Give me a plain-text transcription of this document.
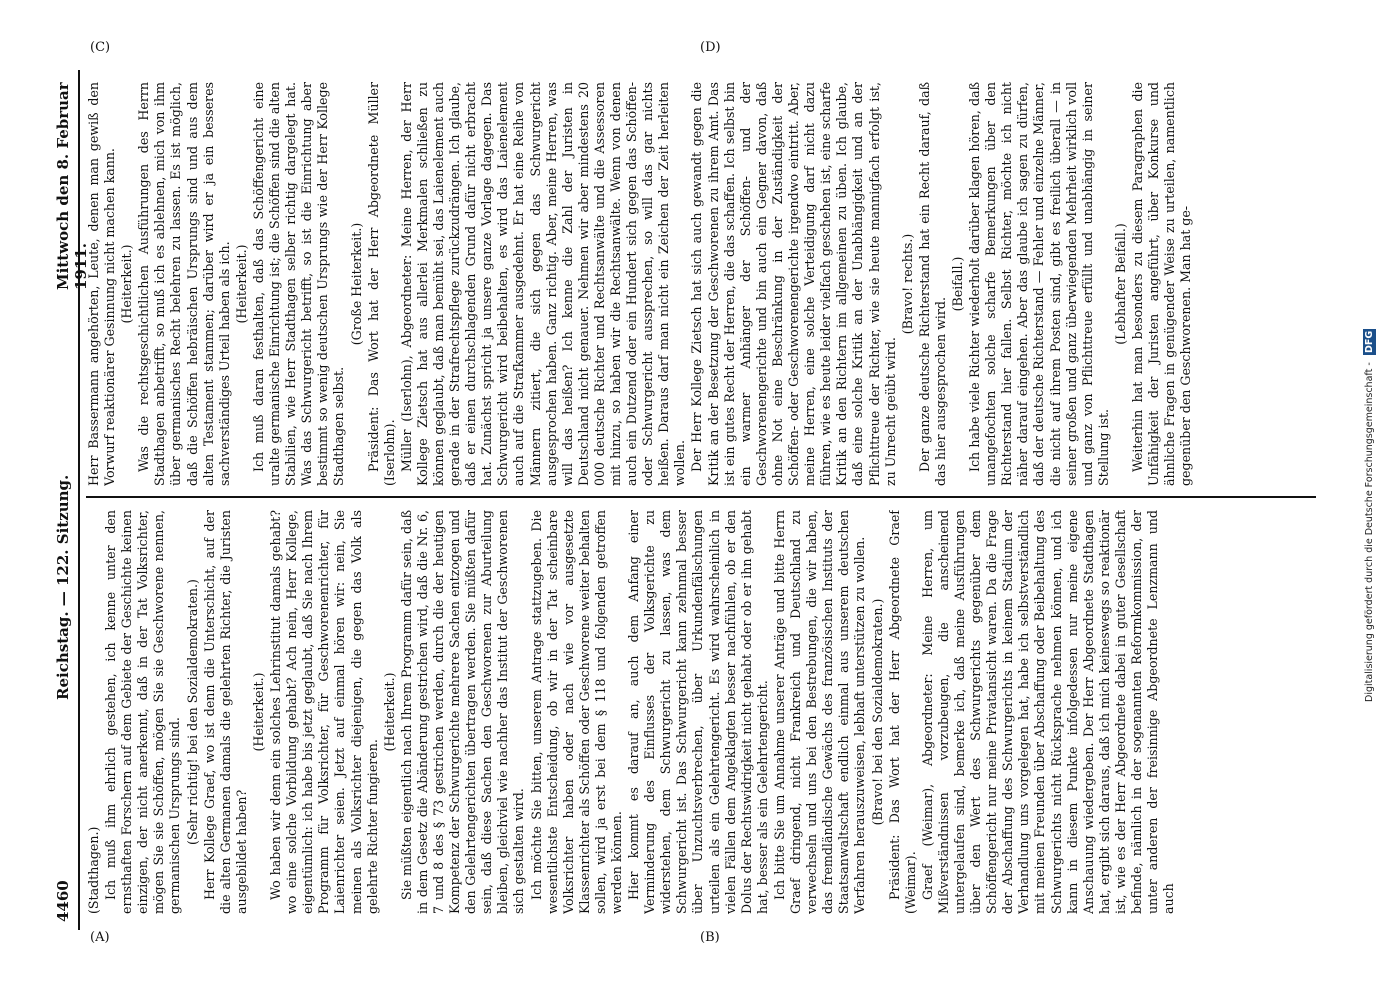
4460
Reichstag. — 122. Sitzung.
Mittwoch den 8. Februar 1911.

(Stadthagen.) Ich muß ihm ehrlich gestehen, ich kenne unter den ernsthaften Forschern auf dem Gebiete der Geschichte keinen einzigen, der nicht anerkennt, daß in der Tat Volksrichter, mögen Sie sie Schöffen, mögen Sie sie Geschworene nennen, germanischen Ursprungs sind. (Sehr richtig! bei den Sozialdemokraten.) Herr Kollege Graef, wo ist denn die Unterschicht, auf der die alten Germanen damals die gelehrten Richter, die Juristen ausgebildet haben?

(Heiterkeit.) Wo haben wir denn ein solches Lehrinstitut damals gehabt? wo eine solche Vorbildung gehabt? Ach nein, Herr Kollege, eigentümlich: ich habe bis jetzt geglaubt, daß Sie nach Ihrem Programm für Volksrichter, für Geschworenenrichter, für Laienrichter seien. Jetzt auf einmal hören wir: nein, Sie meinen als Volksrichter diejenigen, die gegen das Volk als gelehrte Richter fungieren.

(Heiterkeit.) Sie müßten eigentlich nach Ihrem Programm dafür sein, daß in dem Gesetz die Abänderung gestrichen wird, daß die Nr. 6, 7 und 8 des § 73 gestrichen werden, durch die der heutigen Kompetenz der Schwurgerichte mehrere Sachen entzogen und den Gelehrtengerichten übertragen werden. Sie müßten dafür sein, daß diese Sachen den Geschworenen zur Aburteilung bleiben, gleichviel wie nachher das Institut der Geschworenen sich gestalten wird. Ich möchte Sie bitten, unserem Antrage stattzugeben. Die wesentlichste Entscheidung, ob wir in der Tat scheinbare Volksrichter haben oder nach wie vor ausgesetzte Klassenrichter als Schöffen oder Geschworene weiter behalten sollen, wird ja erst bei dem § 118 und folgenden getroffen werden können. Hier kommt es darauf an, auch dem Anfang einer Verminderung des Einflusses der Volksgerichte zu widerstehen, dem Schwurgericht zu lassen, was dem Schwurgericht ist. Das Schwurgericht kann zehnmal besser über Unzuchtsverbrechen, über Urkundenfälschungen urteilen als ein Gelehrtengericht. Es wird wahrscheinlich in vielen Fällen dem Angeklagten besser nachfühlen, ob er den Dolus der Rechtswidrigkeit nicht gehabt oder ob er ihn gehabt hat, besser als ein Gelehrtengericht. Ich bitte Sie um Annahme unserer Anträge und bitte Herrn Graef dringend, nicht Frankreich und Deutschland zu verwechseln und uns bei den Bestrebungen, die wir haben, das fremdländische Gewächs des französischen Instituts der Staatsanwaltschaft endlich einmal aus unserem deutschen Verfahren herauszuweisen, lebhaft unterstützen zu wollen. (Bravo! bei den Sozialdemokraten.) Präsident: Das Wort hat der Herr Abgeordnete Graef (Weimar). Graef (Weimar), Abgeordneter: Meine Herren, um Mißverständnissen vorzubeugen, die anscheinend untergelaufen sind, bemerke ich, daß meine Ausführungen über den Wert des Schwurgerichts gegenüber dem Schöffengericht nur meine Privatansicht waren. Da die Frage der Abschaffung des Schwurgerichts in keinem Stadium der Verhandlung uns vorgelegen hat, habe ich selbstverständlich mit meinen Freunden über Abschaffung oder Beibehaltung des Schwurgerichts nicht Rücksprache nehmen können, und ich kann in diesem Punkte infolgedessen nur meine eigene Anschauung wiedergeben. Der Herr Abgeordnete Stadthagen hat, ergibt sich daraus, daß ich mich keineswegs so reaktionär ist, wie es der Herr Abgeordnete dabei in guter Gesellschaft befinde, nämlich in der sogenannten Reformkommission, der unter anderen der freisinnige Abgeordnete Lenzmann und auch

Herr Bassermann angehörten, Leute, denen man gewiß den Vorwurf reaktionärer Gesinnung nicht machen kann. (Heiterkeit.) Was die rechtsgeschichtlichen Ausführungen des Herrn Stadthagen anbetrifft, so muß ich es ablehnen, mich von ihm über germanisches Recht belehren zu lassen. Es ist möglich, daß die Schöffen hebräischen Ursprungs sind und aus dem alten Testament stammen; darüber wird er ja ein besseres sachverständiges Urteil haben als ich. (Heiterkeit.) Ich muß daran festhalten, daß das Schöffengericht eine uralte germanische Einrichtung ist; die Schöffen sind die alten Stabilien, wie Herr Stadthagen selber richtig dargelegt hat. Was das Schwurgericht betrifft, so ist die Einrichtung aber bestimmt so wenig deutschen Ursprungs wie der Herr Kollege Stadthagen selbst.

(Große Heiterkeit.) Präsident: Das Wort hat der Herr Abgeordnete Müller (Iserlohn). Müller (Iserlohn), Abgeordneter: Meine Herren, der Herr Kollege Zietsch hat aus allerlei Merkmalen schließen zu können geglaubt, daß man bemüht sei, das Laienelement auch gerade in der Strafrechtspflege zurückzudrängen. Ich glaube, daß er einen durchschlagenden Grund dafür nicht erbracht hat. Zunächst spricht ja unsere ganze Vorlage dagegen. Das Schwurgericht wird beibehalten, es wird das Laienelement auch auf die Strafkammer ausgedehnt. Er hat eine Reihe von Männern zitiert, die sich gegen das Schwurgericht ausgesprochen haben. Ganz richtig. Aber, meine Herren, was will das heißen? Ich kenne die Zahl der Juristen in Deutschland nicht genauer. Nehmen wir aber mindestens 20 000 deutsche Richter und Rechtsanwälte und die Assessoren mit hinzu, so haben wir die Rechtsanwälte. Wenn von denen auch ein Dutzend oder ein Hundert sich gegen das Schöffen- oder Schwurgericht aussprechen, so will das gar nichts heißen. Daraus darf man nicht ein Zeichen der Zeit herleiten wollen. Der Herr Kollege Zietsch hat sich auch gewandt gegen die Kritik an der Besetzung der Geschworenen zu ihrem Amt. Das ist ein gutes Recht der Herren, die das schaffen. Ich selbst bin ein warmer Anhänger der Schöffen- und der Geschworenengerichte und bin auch ein Gegner davon, daß ohne Not eine Beschränkung in der Zuständigkeit der Schöffen- oder Geschworenengerichte irgendwo eintritt. Aber, meine Herren, eine solche Verteidigung darf nicht dazu führen, wie es heute leider vielfach geschehen ist, eine scharfe Kritik an den Richtern im allgemeinen zu üben. Ich glaube, daß eine solche Kritik an der Unabhängigkeit und an der Pflichttreue der Richter, wie sie heute mannigfach erfolgt ist, zu Unrecht geübt wird.

(Bravo! rechts.) Der ganze deutsche Richterstand hat ein Recht darauf, daß das hier ausgesprochen wird.

(Beifall.) Ich habe viele Richter wiederholt darüber klagen hören, daß unangefochten solche scharfe Bemerkungen über den Richterstand hier fallen. Selbst Richter, möchte ich nicht näher darauf eingehen. Aber das glaube ich sagen zu dürfen, daß der deutsche Richterstand — Fehler und einzelne Männer, die nicht auf ihrem Posten sind, gibt es freilich überall — in seiner großen und ganz überwiegenden Mehrheit wirklich voll und ganz von Pflichttreue erfüllt und unabhängig in seiner Stellung ist.

(Lebhafter Beifall.) Weiterhin hat man besonders zu diesem Paragraphen die Unfähigkeit der Juristen angeführt, über Konkurse und ähnliche Fragen in genügender Weise zu urteilen, namentlich gegenüber den Geschworenen. Man hat ge-

(A)	(B)
(C)	(D)
Digitalisierung gefördert durch die Deutsche Forschungsgemeinschaft - DFG
